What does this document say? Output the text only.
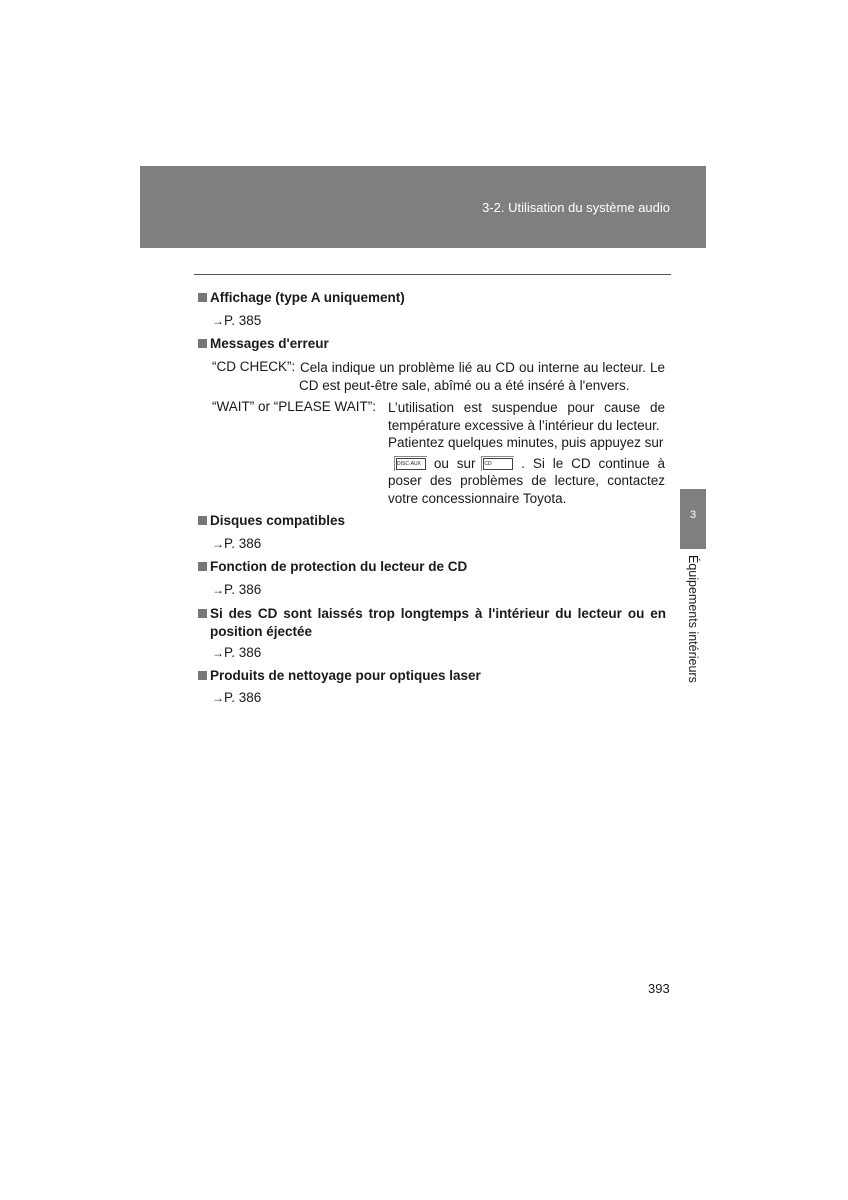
3-2. Utilisation du système audio
Affichage (type A uniquement)
→P. 385
Messages d'erreur
“CD CHECK”: Cela indique un problème lié au CD ou interne au lecteur. Le
CD est peut-être sale, abîmé ou a été inséré à l'envers.
“WAIT” or “PLEASE WAIT”: L’utilisation est suspendue pour cause de
température excessive à l’intérieur du lecteur.
Patientez quelques minutes, puis appuyez sur
DISC·AUX ou sur CD . Si le CD continue à
poser des problèmes de lecture, contactez
votre concessionnaire Toyota.
Disques compatibles
→P. 386
Fonction de protection du lecteur de CD
→P. 386
Si des CD sont laissés trop longtemps à l'intérieur du lecteur ou en
position éjectée
→P. 386
Produits de nettoyage pour optiques laser
→P. 386
3
Équipements intérieurs
393
